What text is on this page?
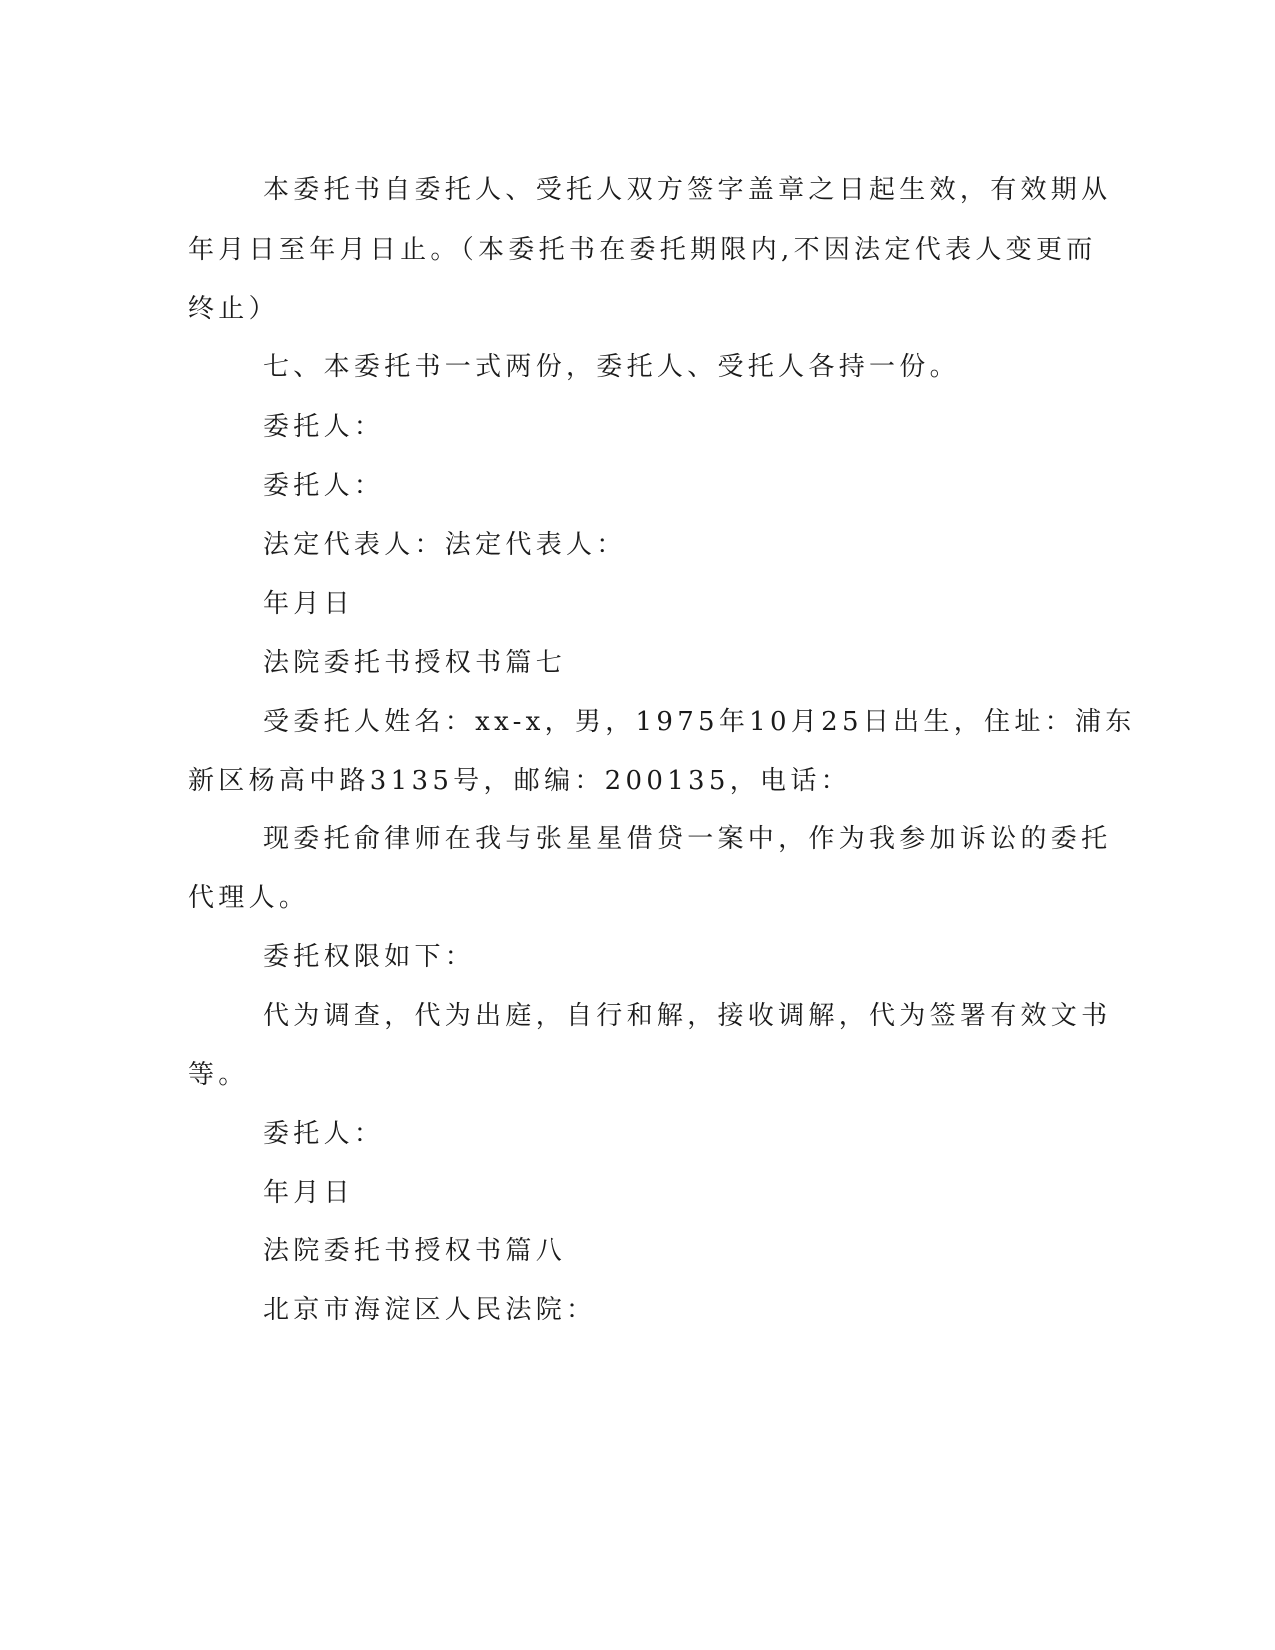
本委托书自委托人、受托人双方签字盖章之日起生效，有效期从
年月日至年月日止。（本委托书在委托期限内,不因法定代表人变更而
终止）
七、本委托书一式两份，委托人、受托人各持一份。
委托人：
委托人：
法定代表人：法定代表人：
年月日
法院委托书授权书篇七
受委托人姓名：xx-x，男，1975年10月25日出生，住址：浦东
新区杨高中路3135号，邮编：200135，电话：
现委托俞律师在我与张星星借贷一案中，作为我参加诉讼的委托
代理人。
委托权限如下：
代为调查，代为出庭，自行和解，接收调解，代为签署有效文书
等。
委托人：
年月日
法院委托书授权书篇八
北京市海淀区人民法院：
